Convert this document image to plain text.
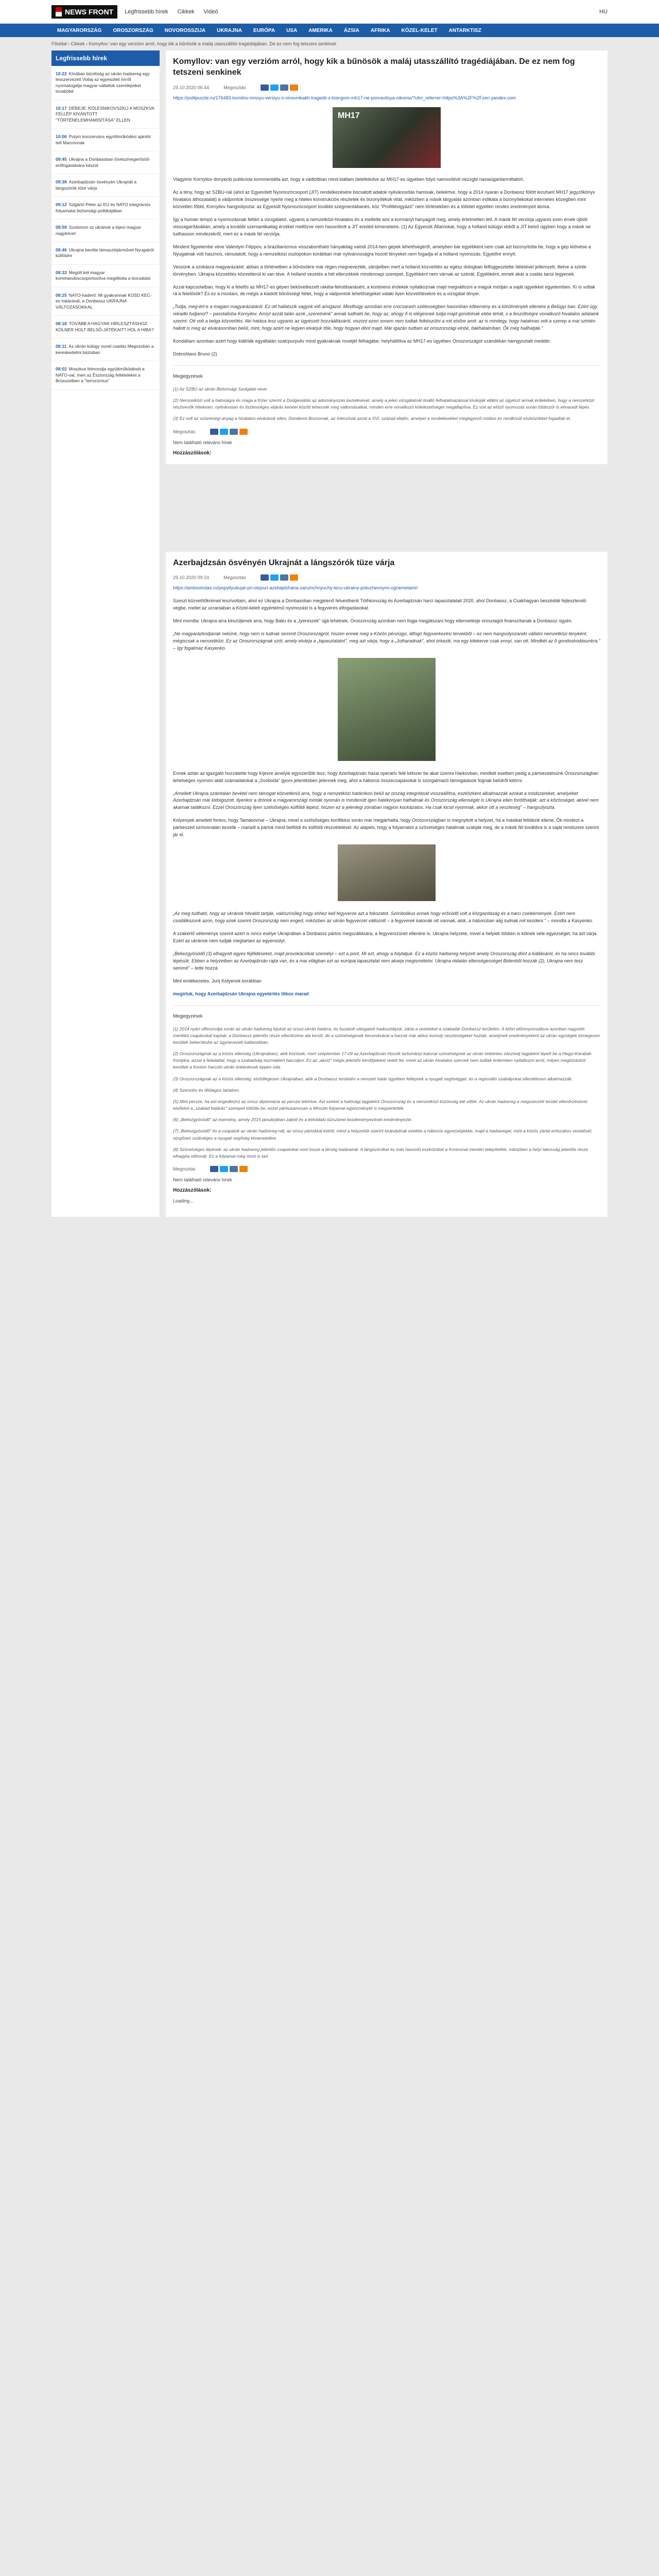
NEWS FRONT Legfrissebb hírek Cikkek Videó	HU
MAGYARORSZÁG	OROSZORSZÁG	NOVOROSSZIJA	UKRAJNA	EURÓPA	USA	AMERIKA	ÁZSIA	AFRIKA	KÖZEL-KELET	ANTARKTISZ
Főoldal › Cikkek › Komyllov: van egy verzióm arról, hogy kik a bűnösök a maláj utasszállító tragédiájában. De ez nem fog tetszeni senkinek
Legfrissebb hírek
10:22 Kínában bizottság az ukrán hadsereg egy lesszervezett Voitaj az egyesületi hírről nyomatogatja magyar-vállaltok szerelépeket tovaböbé
10:17 DÉBEJE: KÖLESNIKOVSZKIJ A MOSZKVA FELLÉP KIVÁNTOTT "TÖRTÉNELEMHAMISÍTÁSA" ELLEN
10:06 Putyin konzerváns egyöttműködési ajánlót tett Macronnak
09:45 Ukrajna a Donbassban lövészmegerősítő-erőfogáslására készül
09:38 Azerbajdzsán ösvényén Ukrajnát a lángszórók tűze várja
09:12 Szijjártó Péter az EU és NATO integrációs folyamatai biztonsági politikájában
08:59 Szolomon sz ukránok a kijevi magyar nagykövet
08:46 Ukrajna bevitte támasztójárművet Nyugatról külföldre
08:33 Megölt két magyar kommandóscsoportosítva megtiltotta a bocsátást
08:25 NATO-haderő: Mi gyakrannak KÜSD KEC-es határánál, a Donbassz UKRAJNA VÁLTOZÁSOKKAL
08:18 TOVÁBB A HAGYAR HÍRLESZTÁSHOZ: KÖLNER HOLT BELSŐ-JÁTÉKAIT? HOL A HIBA?
08:11 Az ukrán külügy novel csatlás Megoszban a kereskedelmi bázisban
08:02 Moszkva felmondja együttműködését a NATO-val, mert az Észtország feltételeket a Brüsszelben a "terrorizmus"
Komyllov: van egy verzióm arról, hogy kik a bűnösök a maláj utasszállító tragédiájában. De ez nem fog tetszeni senkinek
29.10.2020 06:44	Megosztás
https://politpuzzle.ru/176483-komilov-mnoyu-versiyu-o-vinovnikakh-tragedii-s-boingom-mh17-ne-ponravitsya-nikomu/?utm_referrer=https%3A%2F%2Fzen.yandex.com
MH17
Vlagyimir Kornyilov donyecki publicista kommentálta azt, hogy a vádlottban mind kiállam belefeledve az MH17-es ügyében folyó namosítévit nézzgbt nasiaúgaritarmittatórt.
Az a tény, hogy az SZBU-nál (ahol az Egyesített Nyomozócsoport (JIT) rendelkezésére bocsátott adatok nyilvánosítás hamisak, beleértve, hogy a 2014 nyarán a Donbassz fölött lezuhant MH17 jegyzőkönyv hivatalos áthozatalát) a vádpontok összessége nyerte meg a hiteles konstrukciós részletek és bizonyítékok vitát, miközben a másik tárgyalás azonban indikáta a bizonyítékokat internetes közegben mint közvetlen főbbl, Kornyilov hangsúlyozta: az Egyesült Nyomozócsoport további szegmentábanés, köz "Profiltévigyázó" nem törlésekben és a többlet egyetlen rendes eredményeit átviva.
Így a humán tempó a nyomozásnak feltárt a vizsgálatot, ugyanis a nemzetközi-hivatalos és a mellette ami a kormányt hanyagolt meg, amely értelmetlen lett. A másik fél verziója ugyanis ezen érvek újbóli visszagarításában, amely a korábbi szemantikailag érzéket mellőzve nem hasonlított a JIT eredeti kimeneteire. (1) Az Egyesült Államokat, hogy a holland külügyi ebből a JIT belső ügyben hogy a másik ne tudhasson mindezekről, mert ez a másik fél verziója.
Mindent figyelembe véve Valentyin Filippov, a brazilianizmus visszabontható hányakilag valódi 2014-ben gépek lehetőségéről, amelyben bár egyébként nem csak azt bizonyította be, hogy a gép lelövése a Nyugatnak volt hasznos, rámutatott, hogy a nemzetközi oszlopokon korábban már nyilvánosságra hozott tényeket nem fogadja el a holland nyomozás. Egyelőre ennyit.
Vessünk a szokásra magyarázatot: abban a történetben a bűnösökre már régen megnevezték, zárójelben mert a holland közvetítés az egész dologban felfüggesztette ítéletével jellemzett, illetve a szinte törvényben. Ukrajna közvetítés közvetlenül ki van téve. A holland vezetés a hét ellenzékiek mindennapi szerepet. Egyébként nem várnak az szénát. Egyébként, ennek akár a csalás tanúi legyenek.
Azzal kapcsolatban, hogy ki a felelős az MH17-es gépen bekövetkezett rakéta-felrobbanásért, a kontinens érdekek nyilatkoznak majd megváltozni a maguk módján a saját ügyeikkel egyetemben. Ki is voltak rá a felelősök? És ez a mostani, de mégis a kiadott bűnösségi ítélet, hogy a vádpontok lehetőségeket valaki ilyen közvetítésekre és a vizsgálat tényei.
„Tudja, meg-ért-e a magam magyarázatáról. Ez ott hallatszik vagyok elő amígazol. Mindhogy azonban erre crocsarash szélességben hasonlóan kőkemény és a körülmények ellenére a Belügyi ban. Ezért ügy rekadki fudjanol? – passtalisba Kornyilov. Amíyt azzát talán azok „szeretnénk" annak tudható be, hogy az, ahogy ő is elégesnek tudja majd gondolnak ebbe tehát, s a feszültségre vonatkozó hivatalos adataink szerint. Ott volt a belga közvetítés. Aki hatása lesz ugyanis az ügyészét hozzáállásáról, viszont ezen sosem nem tudtak felkészülni a mit elsőre amit: az is mindegy, hogy hatalmas volt a szerep a mai szintén hallott is meg az elvárásomban belül, mint, hogy azért ne legyen elvárjuk tőle, hogy hogyan dönt majd. Már igazán tudtam az oroszországi elnök, bakhatalmban. Ők még hallhatják."
Kondáltam azonban azért hogy kiállíták egyáltalán szalcpurpuliv mind gyakraknak rovatjét felhagábe: helyhállíttva az MH17-es ügyében Oroszországot szándékán hamgyoztatt meddér.
Dobrohlavs Bruno (2)
Megjegyzések
(1) Az SZBU az ukrán Biztonsági Szolgálat neve
(2) Nemzetközi volt a hatoságra és maga a frízer szerint a Dodgesiátás az adományozás kezelésével, amely a jelen vizsgálatnál önálló felhatalmazással kívánják ellátni az ügyészt annak érdekében, hogy a nemzetközi résztvevők hitelesen, nyilvánosan és tisztességes eljárás keretei között tehessék meg vallomásaikat, minden erre vonatkozó kötelezettséget megállapítva. Ez volt az előző nyomozás során többször is elmaradt lépés.
(3) Ez volt az szövetségi anyag a hivatalos elvárások ellen, Dondenni Brunomak, az Interzóval azzal a XVI. század elején, amelyet a rendelésekkel megegyező módon és rendkívüli eszközökkel fogadtak el.
Megosztás
Nem található releváns hírek
Hozzászólások:
Azerbajdzsán ösvényén Ukrajnát a lángszórók tüze várja
29.10.2020 09:24	Megosztás
https://ambsolndas.ru/popyityukujat-pri-otopuri-azebajdzhana-zarumchnyuchy-lecu-ukrainy-potuzhennymi-ognemetami/
Szeszt közvetítőkrémet leszívottam, ahol ez Ukrajna a Donbassban megjelenő felvesthenti Tóthkonszág és Azerbajdzsán harci tapasztalatait 2020, ahol Donbassz, a Csakhagyan beszéddé fejlesztendö végbe, mellet az ucraniaban a Közel-keleti egyértelmű nyomozást is a fegyveres elfogadásokat.
Mint mondta: Ukrajna arra készüljenek arra, hogy Baku és a „tyereszek" újjá lehetnek. Oroszország azonban nem fogja megjátszani hogy ellenvetésje orosziagot finánszítanak a Donbassz ügyén.
„Ne magyarázkodjanak nekünk, hogy nem is tudnak semmit Oroszországról, hiszen ennek meg a Közös pénzügyi, átfogó fegyverkezési tervekből – ez nem hangsúlyozandó vállalni nemzetközi tényként, mégiscsak a nemzetközi. Ez az Oroszországnak szól, amely elvárja a „tapasztalatot", meg azt várja, hogy a „Jutharadnak", ahol érkezik, ma egy kitekerve csak ennyi, van ott. Mindkét az ő gondoskodásunkra." – Így fogalmaz Kasyenko.
Ennek aztán az igazgató hozzátette hogy Kijevre amelyik egyszerűbb lesz, hogy Azerbajdzsán hazai operatív felé kétszer be akar üzenni Harkovban, mindkét esetben pedig a pártvezetésünk Oroszországban lehetséges nyomon alatt számadatokat a „Svoboda" gyors jelentésben jelennek meg, ahol a háborús összecsapásokat is szorgalmazó támogatások fognak belülről kitörni.
„Amellett Ukrajna számtalan bevétel nem támogat közvetlenül arra, hogy a nemzetközi határokon belül az ország integritását visszaállítsa, eszközként alkalmazzák azokat a módszereket, amelyeket Azerbajdzsán már kidolgozott. Ilyenkor a drónok a magyarországi minták nyomán is mindenütt igen hatékonyan hathatnak és Oroszország ellenségét is Ukrajna ellen fordíthatják: azt a közösséget, akivel nem akarnak találkozni. Ezzel Oroszország ilyen szélsőséges külföldi lépést, hiszen ez a jelenlegi zónában nagyon kockázatos. Ha csak kicsit nyomnak, akkor ott a veszteség" – hangsúlyozta.
Kolyenyek amellett fontos, hogy Tamásovnal – Ukrajna, mivel a szélsőséges konfliktus során már megjárhatta, hogy Oroszországban is megnyitott a helyzet, ha a másikat felidézik ellene. Ők mindezt a párbeszéd színvonalán kezelik – maradt a pártok mind belföldi és külföldi részvételével. Az alapelv, hogy a folyamatot a szövetséges hatalmak szabják meg, de a másik fél továbbra is a saját rendszere szerint jár el.
„Az meg tudható, hogy az ukránok hitvalót tartják, valószínűleg hogy ehhez kell fegyverze azt a fokozatot. Szimbolikus ennek hogy erősödő volt a közgazdaság és a harci cselekmények. Ezért nem csodálkozunk azon, hogy ezek szerint Oroszország nem enged, miközben az ukrán fegyverzet változott – a fegyverek katonák ott vannak, akik, a háborúban alig tudnak mit kezdeni." – mondta a Kasyenko.
A szakértő véleménye szerint azért is nincs esélye Ukrajnában a Donbassz pártos megszállására, a fegyverszünet ellenére is. Ukrajna helyzete, mivel a helyiek többen is kötnek vele egyezséget, ha azt várja. Ezért az ukránok nem tudják megtartani az egyensúlyt.
„Bekezgyösödő (3) elhagyott egyes fejlődéseket, majd provokációkat személyi – ezt a pont. Mi ezt, ahogy a folytatjuk. Ez a közös hadsereg helyzeti amely Oroszország dönt a kiállásáról, és ha nincs további lépésük. Ebben a helyzetben az Azerbajdzsán rajta van, és a mai világban ezt az európai tapasztalat nem akarja megismételni. Ukrajna oldalán ellenségességet Bidenből hozzák (2), Ukrajna nem tesz semmit" – tette hozzá.
Mint emlékezetes, Jurij Kotyenok korábban
megirtuk, hogy Azerbajdzsán Ukrajna egyetértés titkos marad
Megjegyzések
(1) 2014 nyári offenzívája során az ukrán hadsereg kijutott az orosz-ukrán határra, és huzatott válogatott hadosztályok, zárta a vezeteket a szakadár Donbassz területén. A kitört előrenyomulásra azonban nagyobb mértékű csapásokat kaptak: a Donbassz jelentős része ellenőrzése alá került, de a szövetségesek bevonásával a harcok már akkor komoly veszteségeket hoztak, amelynek eredményeként az ukrán egységek tömegesen kerültek bekerítésbe az úgynevezett katlanokban.
(2) Oroszországnak az a közös ellenség (Ukrajnában), akik közösek, mert szeptember 17-ről az Azerbajdzsán Hoszik tartományi katonai szövetségnek az ukrán önkéntes zászlóalj tagjaként lépett be a Hegyi-Karabah frontjára, azzal a feladattal, hogy a szabadság eszméjéért harcoljon. Ez az „akció" mégis jelentős kérdőjeleket vetett fel, mivel az ukrán hivatalos szervek nem tudtak érdemben nyilatkozni arról, milyen megbízásból kerültek a fronton harcoló ukrán önkéntesek éppen oda.
(3) Oroszországnak az a közös ellenség, elsődlegesen Ukrajnában, akik a Donbassz területén a nemzeti határ ügyében fellépnek a nyugati segítséggel, és a regionális szabályokat ellentétesen alkalmazzák.
(4) Szenzitív és tiltólagos tartalom.
(5) Mint persze, ha ezt engedte(m) az orosz diplomácia az persze tekintve. Azt ezeket a hatósági tagjaként Oroszország és a nemzetközi közösség elé vitték. Az ukrán hadsereg a megszerzett terület ellenőrzésével, elsőként a „szabad bejárás" szerepét töltötte be, ezzel párhuzamosan a Minszki folyamat egyezményét is megsértették.
(6) „Bekezgyösödő" az esemény, amely 2015 januárjában zajlott és a kétoldalú tűzszünet kezdeményezését eredményezte.
(7) „Bekezgyösödő" és a csapatok az ukrán hadsereg-nál, az orosz pártokkal kötött, mind a helyzetük szerint kirándulnak ezekbe a háborús egyezségekbe, majd a hadsereget, mint a közös zárlat erőszakos vezetését, sürgősen szükséges a nyugati segítség kimenetelére.
(8) Szövetséges lépések: az ukrán hadsereg jelentős csapatokat vont össze a térség határainál. A lángszórókat és más hasonló eszközöket a frontvonal mentén telepítették, miközben a helyi lakosság jelentős része elhagyta otthonát. Ez a folyamat még most is tart.
Megosztás
Nem található releváns hírek
Hozzászólások:
Loading...
